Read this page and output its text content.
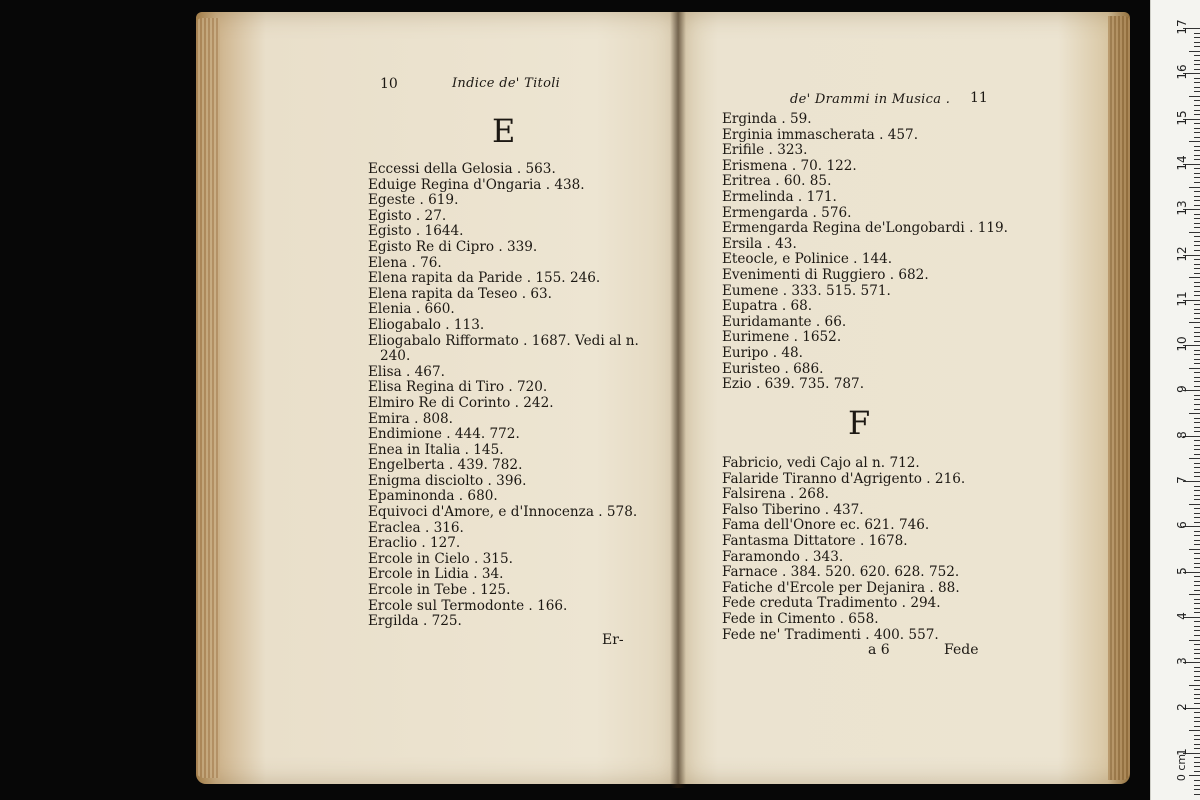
10	Indice de' Titoli
E
Eccessi della Gelosia . 563.
Eduige Regina d'Ongaria . 438.
Egeste . 619.
Egisto . 27.
Egisto . 1644.
Egisto Re di Cipro . 339.
Elena . 76.
Elena rapita da Paride . 155. 246.
Elena rapita da Teseo . 63.
Elenia . 660.
Eliogabalo . 113.
Eliogabalo Rifformato . 1687. Vedi al n.
240.
Elisa . 467.
Elisa Regina di Tiro . 720.
Elmiro Re di Corinto . 242.
Emira . 808.
Endimione . 444. 772.
Enea in Italia . 145.
Engelberta . 439. 782.
Enigma disciolto . 396.
Epaminonda . 680.
Equivoci d'Amore, e d'Innocenza . 578.
Eraclea . 316.
Eraclio . 127.
Ercole in Cielo . 315.
Ercole in Lidia . 34.
Ercole in Tebe . 125.
Ercole sul Termodonte . 166.
Ergilda . 725.
Er-
de' Drammi in Musica . 11
Erginda . 59.
Erginia immascherata . 457.
Erifile . 323.
Erismena . 70. 122.
Eritrea . 60. 85.
Ermelinda . 171.
Ermengarda . 576.
Ermengarda Regina de'Longobardi . 119.
Ersila . 43.
Eteocle, e Polinice . 144.
Evenimenti di Ruggiero . 682.
Eumene . 333. 515. 571.
Eupatra . 68.
Euridamante . 66.
Eurimene . 1652.
Euripo . 48.
Euristeo . 686.
Ezio . 639. 735. 787.
F
Fabricio, vedi Cajo al n. 712.
Falaride Tiranno d'Agrigento . 216.
Falsirena . 268.
Falso Tiberino . 437.
Fama dell'Onore ec. 621. 746.
Fantasma Dittatore . 1678.
Faramondo . 343.
Farnace . 384. 520. 620. 628. 752.
Fatiche d'Ercole per Dejanira . 88.
Fede creduta Tradimento . 294.
Fede in Cimento . 658.
Fede ne' Tradimenti . 400. 557.
a 6	Fede
17
16
15
14
13
12
11
10
9
8
7
6
5
4
3
2
1
0 cm
